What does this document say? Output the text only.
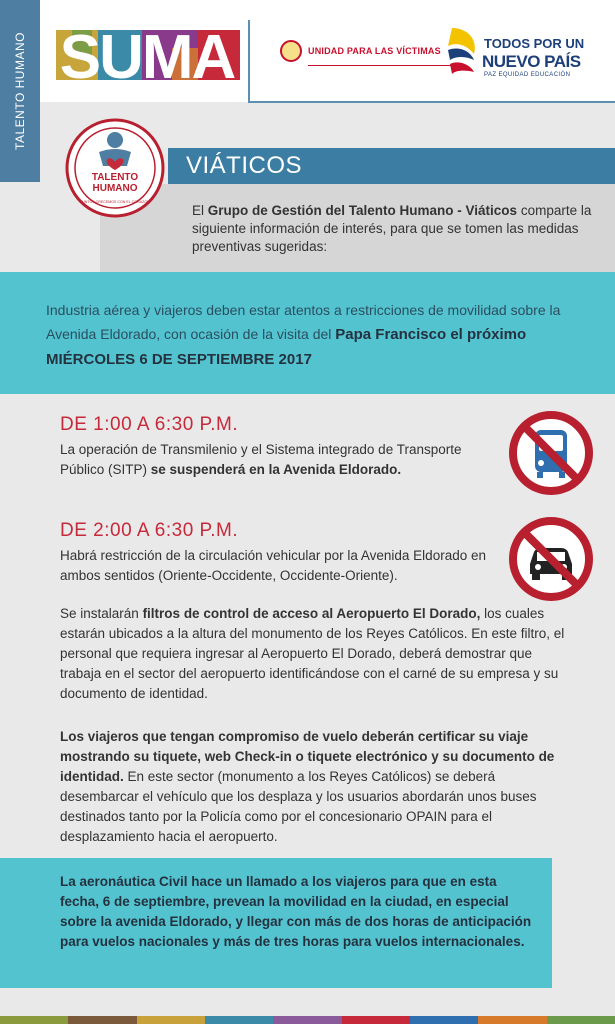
TALENTO HUMANO SUMA	UNIDAD PARA LAS VÍCTIMAS	TODOS POR UN
NUEVO PAÍS
PAZ EQUIDAD EDUCACIÓN
VIÁTICOS
TALENTO
HUMANO
JUNTOS CRECEMOS CON EL CORAZÓN
El Grupo de Gestión del Talento Humano - Viáticos comparte la siguiente información de interés, para que se tomen las medidas preventivas sugeridas:

Industria aérea y viajeros deben estar atentos a restricciones de movilidad sobre la Avenida Eldorado, con ocasión de la visita del Papa Francisco el próximo MIÉRCOLES 6 DE SEPTIEMBRE 2017

DE 1:00 A 6:30 P.M.

La operación de Transmilenio y el Sistema integrado de Transporte Público (SITP) se suspenderá en la Avenida Eldorado.

DE 2:00 A 6:30 P.M.

Habrá restricción de la circulación vehicular por la Avenida Eldorado en ambos sentidos (Oriente-Occidente, Occidente-Oriente).

Se instalarán filtros de control de acceso al Aeropuerto El Dorado, los cuales estarán ubicados a la altura del monumento de los Reyes Católicos. En este filtro, el personal que requiera ingresar al Aeropuerto El Dorado, deberá demostrar que trabaja en el sector del aeropuerto identificándose con el carné de su empresa y su documento de identidad.

Los viajeros que tengan compromiso de vuelo deberán certificar su viaje mostrando su tiquete, web Check-in o tiquete electrónico y su documento de identidad. En este sector (monumento a los Reyes Católicos) se deberá desembarcar el vehículo que los desplaza y los usuarios abordarán unos buses destinados tanto por la Policía como por el concesionario OPAIN para el desplazamiento hacia el aeropuerto.

La aeronáutica Civil hace un llamado a los viajeros para que en esta fecha, 6 de septiembre, prevean la movilidad en la ciudad, en especial sobre la avenida Eldorado, y llegar con más de dos horas de anticipación para vuelos nacionales y más de tres horas para vuelos internacionales.
